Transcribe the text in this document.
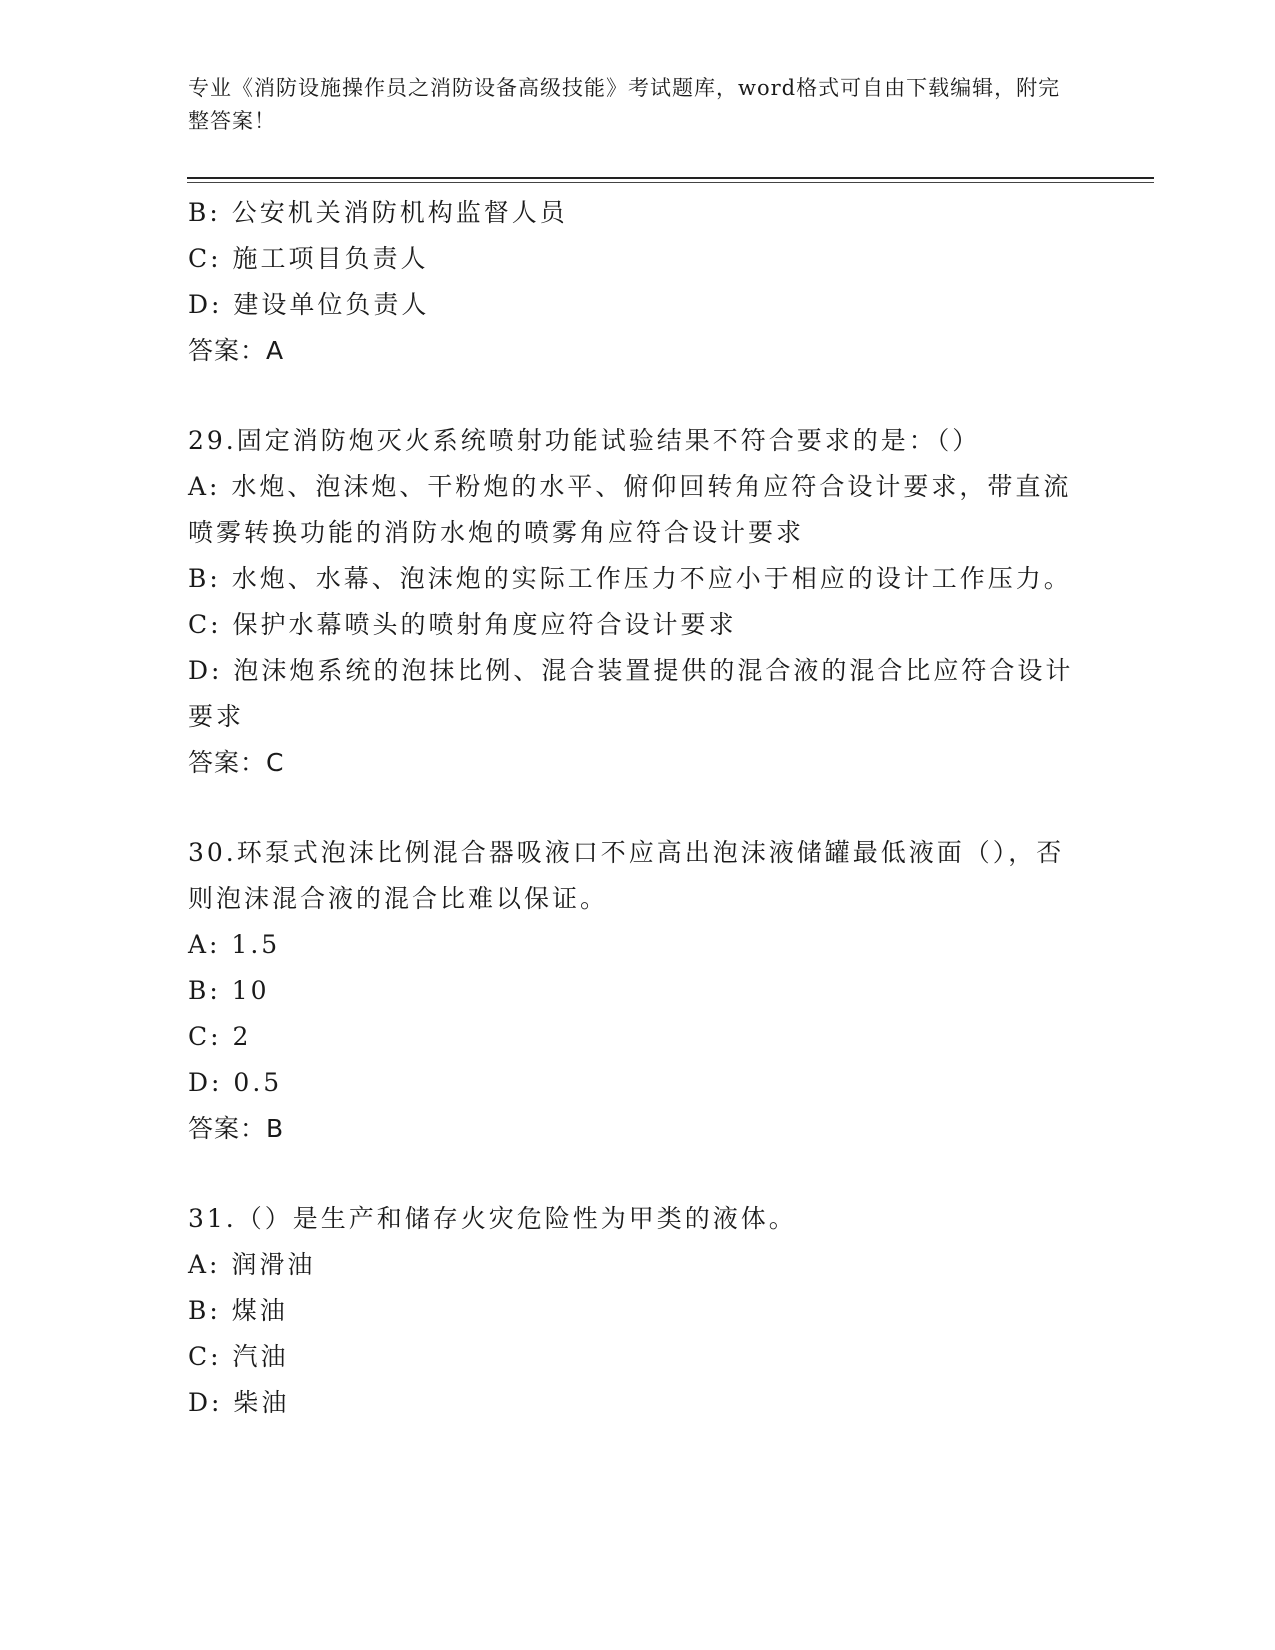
专业《消防设施操作员之消防设备高级技能》考试题库，word格式可自由下载编辑，附完整答案！
B: 公安机关消防机构监督人员
C: 施工项目负责人
D: 建设单位负责人
答案：A
29.固定消防炮灭火系统喷射功能试验结果不符合要求的是：（）
A: 水炮、泡沫炮、干粉炮的水平、俯仰回转角应符合设计要求，带直流喷雾转换功能的消防水炮的喷雾角应符合设计要求
B: 水炮、水幕、泡沫炮的实际工作压力不应小于相应的设计工作压力。
C: 保护水幕喷头的喷射角度应符合设计要求
D: 泡沫炮系统的泡抹比例、混合装置提供的混合液的混合比应符合设计要求
答案：C
30.环泵式泡沫比例混合器吸液口不应高出泡沫液储罐最低液面（），否则泡沫混合液的混合比难以保证。
A: 1.5
B: 10
C: 2
D: 0.5
答案：B
31.（）是生产和储存火灾危险性为甲类的液体。
A: 润滑油
B: 煤油
C: 汽油
D: 柴油
